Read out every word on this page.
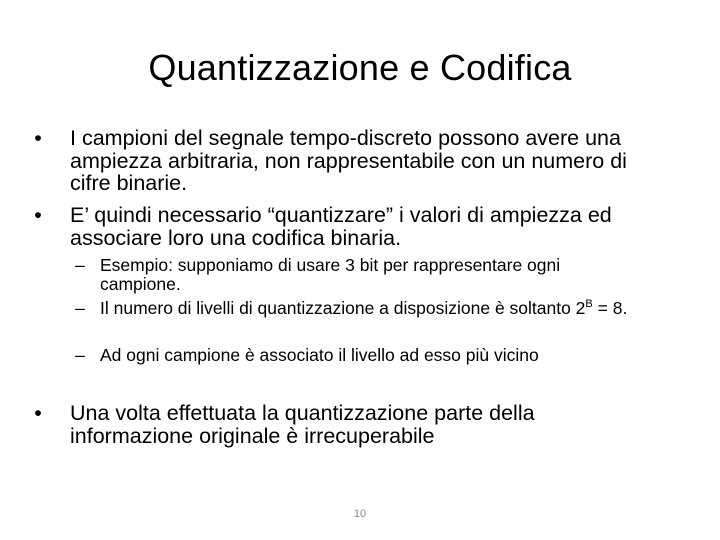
Quantizzazione e Codifica
• I campioni del segnale tempo-discreto possono avere una ampiezza arbitraria, non rappresentabile con un numero di cifre binarie.
• E’ quindi necessario “quantizzare” i valori di ampiezza ed associare loro una codifica binaria.
– Esempio: supponiamo di usare 3 bit per rappresentare ogni campione.
– Il numero di livelli di quantizzazione a disposizione è soltanto $2^B = 8$.
– Ad ogni campione è associato il livello ad esso più vicino
• Una volta effettuata la quantizzazione parte della informazione originale è irrecuperabile
10
